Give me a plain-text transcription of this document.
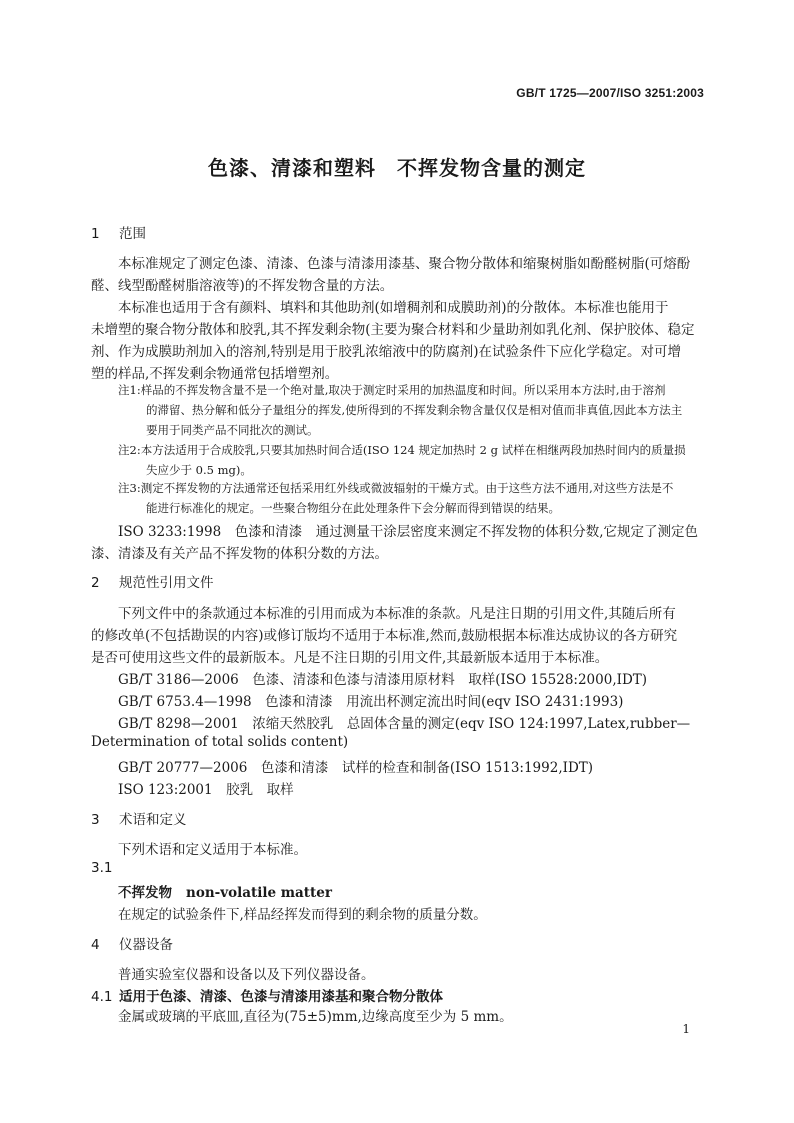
GB/T 1725—2007/ISO 3251:2003
色漆、清漆和塑料　不挥发物含量的测定
1 范围
本标准规定了测定色漆、清漆、色漆与清漆用漆基、聚合物分散体和缩聚树脂如酚醛树脂(可熔酚
醛、线型酚醛树脂溶液等)的不挥发物含量的方法。
本标准也适用于含有颜料、填料和其他助剂(如增稠剂和成膜助剂)的分散体。本标准也能用于
未增塑的聚合物分散体和胶乳,其不挥发剩余物(主要为聚合材料和少量助剂如乳化剂、保护胶体、稳定
剂、作为成膜助剂加入的溶剂,特别是用于胶乳浓缩液中的防腐剂)在试验条件下应化学稳定。对可增
塑的样品,不挥发剩余物通常包括增塑剂。
注1:样品的不挥发物含量不是一个绝对量,取决于测定时采用的加热温度和时间。所以采用本方法时,由于溶剂
的滞留、热分解和低分子量组分的挥发,使所得到的不挥发剩余物含量仅仅是相对值而非真值,因此本方法主
要用于同类产品不同批次的测试。
注2:本方法适用于合成胶乳,只要其加热时间合适(ISO 124 规定加热时 2 g 试样在相继两段加热时间内的质量损
失应少于 0.5 mg)。
注3:测定不挥发物的方法通常还包括采用红外线或微波辐射的干燥方式。由于这些方法不通用,对这些方法是不
能进行标准化的规定。一些聚合物组分在此处理条件下会分解而得到错误的结果。
ISO 3233:1998　色漆和清漆　通过测量干涂层密度来测定不挥发物的体积分数,它规定了测定色
漆、清漆及有关产品不挥发物的体积分数的方法。
2 规范性引用文件
下列文件中的条款通过本标准的引用而成为本标准的条款。凡是注日期的引用文件,其随后所有
的修改单(不包括勘误的内容)或修订版均不适用于本标准,然而,鼓励根据本标准达成协议的各方研究
是否可使用这些文件的最新版本。凡是不注日期的引用文件,其最新版本适用于本标准。
GB/T 3186—2006　色漆、清漆和色漆与清漆用原材料　取样(ISO 15528:2000,IDT)
GB/T 6753.4—1998　色漆和清漆　用流出杯测定流出时间(eqv ISO 2431:1993)
GB/T 8298—2001　浓缩天然胶乳　总固体含量的测定(eqv ISO 124:1997,Latex,rubber—
Determination of total solids content)
GB/T 20777—2006　色漆和清漆　试样的检查和制备(ISO 1513:1992,IDT)
ISO 123:2001　胶乳　取样
3 术语和定义
下列术语和定义适用于本标准。
3.1
不挥发物 non-volatile matter
在规定的试验条件下,样品经挥发而得到的剩余物的质量分数。
4 仪器设备
普通实验室仪器和设备以及下列仪器设备。
4.1 适用于色漆、清漆、色漆与清漆用漆基和聚合物分散体
金属或玻璃的平底皿,直径为(75±5)mm,边缘高度至少为 5 mm。
1
